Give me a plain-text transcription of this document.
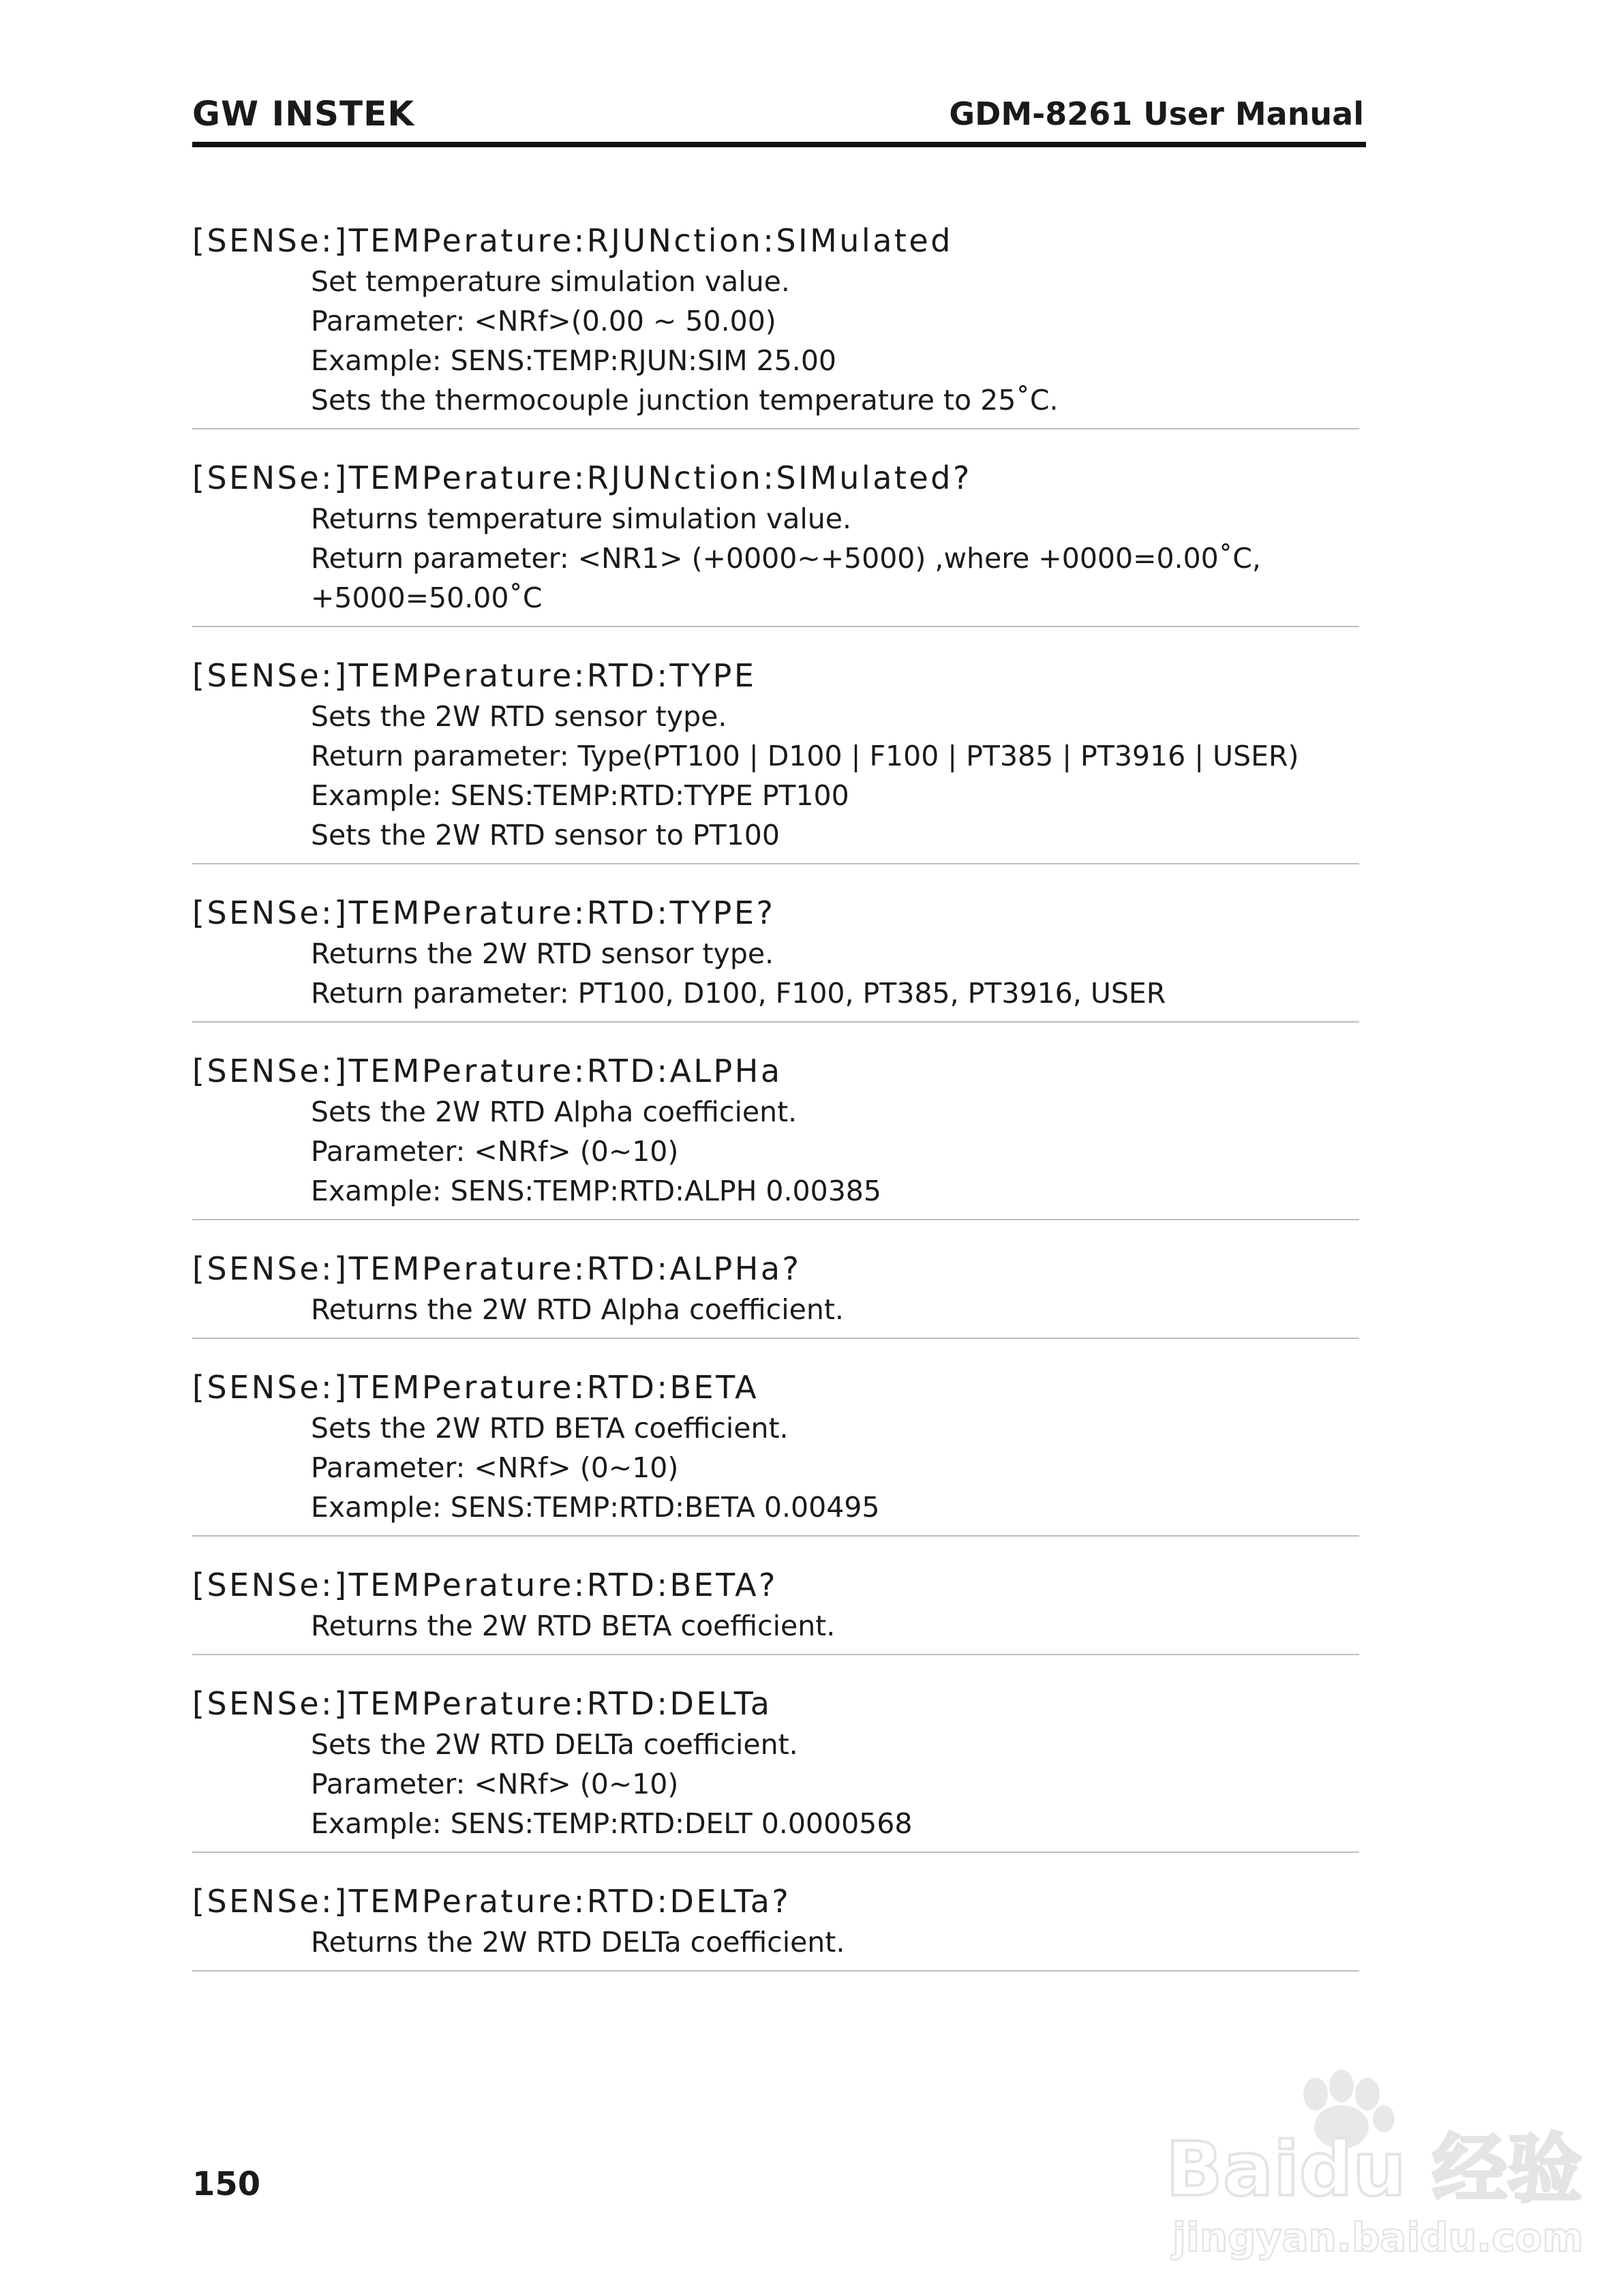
GW INSTEK	GDM-8261 User Manual
[SENSe:]TEMPerature:RJUNction:SIMulated
Set temperature simulation value.
Parameter: <NRf>(0.00 ~ 50.00)
Example: SENS:TEMP:RJUN:SIM 25.00
Sets the thermocouple junction temperature to 25˚C.
[SENSe:]TEMPerature:RJUNction:SIMulated?
Returns temperature simulation value.
Return parameter: <NR1> (+0000~+5000) ,where +0000=0.00˚C,
+5000=50.00˚C
[SENSe:]TEMPerature:RTD:TYPE
Sets the 2W RTD sensor type.
Return parameter: Type(PT100 | D100 | F100 | PT385 | PT3916 | USER)
Example: SENS:TEMP:RTD:TYPE PT100
Sets the 2W RTD sensor to PT100
[SENSe:]TEMPerature:RTD:TYPE?
Returns the 2W RTD sensor type.
Return parameter: PT100, D100, F100, PT385, PT3916, USER
[SENSe:]TEMPerature:RTD:ALPHa
Sets the 2W RTD Alpha coefficient.
Parameter: <NRf> (0~10)
Example: SENS:TEMP:RTD:ALPH 0.00385
[SENSe:]TEMPerature:RTD:ALPHa?
Returns the 2W RTD Alpha coefficient.
[SENSe:]TEMPerature:RTD:BETA
Sets the 2W RTD BETA coefficient.
Parameter: <NRf> (0~10)
Example: SENS:TEMP:RTD:BETA 0.00495
[SENSe:]TEMPerature:RTD:BETA?
Returns the 2W RTD BETA coefficient.
[SENSe:]TEMPerature:RTD:DELTa
Sets the 2W RTD DELTa coefficient.
Parameter: <NRf> (0~10)
Example: SENS:TEMP:RTD:DELT 0.0000568
[SENSe:]TEMPerature:RTD:DELTa?
Returns the 2W RTD DELTa coefficient.
150	Baidu 经验
jingyan.baidu.com
